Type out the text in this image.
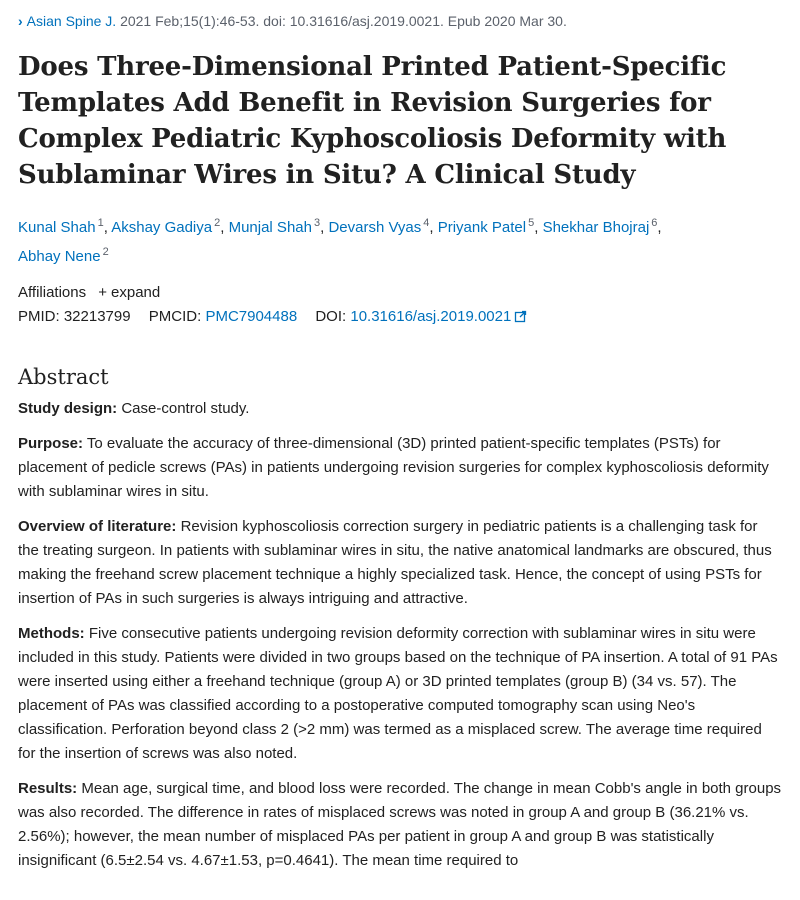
› Asian Spine J. 2021 Feb;15(1):46-53. doi: 10.31616/asj.2019.0021. Epub 2020 Mar 30.
Does Three-Dimensional Printed Patient-Specific Templates Add Benefit in Revision Surgeries for Complex Pediatric Kyphoscoliosis Deformity with Sublaminar Wires in Situ? A Clinical Study
Kunal Shah $^1$, Akshay Gadiya $^2$, Munjal Shah $^3$, Devarsh Vyas $^4$, Priyank Patel $^5$, Shekhar Bhojraj $^6$,
Abhay Nene $^2$
Affiliations + expand
PMID: 32213799 PMCID: PMC7904488 DOI: 10.31616/asj.2019.0021
Abstract

Study design: Case-control study.

Purpose: To evaluate the accuracy of three-dimensional (3D) printed patient-specific templates (PSTs) for placement of pedicle screws (PAs) in patients undergoing revision surgeries for complex kyphoscoliosis deformity with sublaminar wires in situ.

Overview of literature: Revision kyphoscoliosis correction surgery in pediatric patients is a challenging task for the treating surgeon. In patients with sublaminar wires in situ, the native anatomical landmarks are obscured, thus making the freehand screw placement technique a highly specialized task. Hence, the concept of using PSTs for insertion of PAs in such surgeries is always intriguing and attractive.

Methods: Five consecutive patients undergoing revision deformity correction with sublaminar wires in situ were included in this study. Patients were divided in two groups based on the technique of PA insertion. A total of 91 PAs were inserted using either a freehand technique (group A) or 3D printed templates (group B) (34 vs. 57). The placement of PAs was classified according to a postoperative computed tomography scan using Neo's classification. Perforation beyond class 2 (>2 mm) was termed as a misplaced screw. The average time required for the insertion of screws was also noted.

Results: Mean age, surgical time, and blood loss were recorded. The change in mean Cobb's angle in both groups was also recorded. The difference in rates of misplaced screws was noted in group A and group B (36.21% vs. 2.56%); however, the mean number of misplaced PAs per patient in group A and group B was statistically insignificant (6.5±2.54 vs. 4.67±1.53, p=0.4641). The mean time required to
